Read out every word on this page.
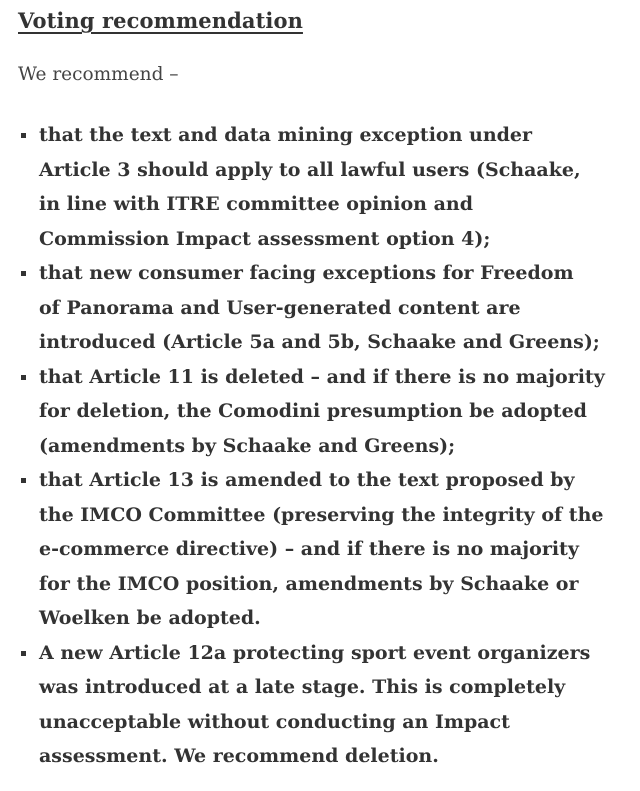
Voting recommendation
We recommend –
that the text and data mining exception under
Article 3 should apply to all lawful users (Schaake,
in line with ITRE committee opinion and
Commission Impact assessment option 4);
that new consumer facing exceptions for Freedom
of Panorama and User-generated content are
introduced (Article 5a and 5b, Schaake and Greens);
that Article 11 is deleted – and if there is no majority
for deletion, the Comodini presumption be adopted
(amendments by Schaake and Greens);
that Article 13 is amended to the text proposed by
the IMCO Committee (preserving the integrity of the
e-commerce directive) – and if there is no majority
for the IMCO position, amendments by Schaake or
Woelken be adopted.
A new Article 12a protecting sport event organizers
was introduced at a late stage. This is completely
unacceptable without conducting an Impact
assessment. We recommend deletion.
